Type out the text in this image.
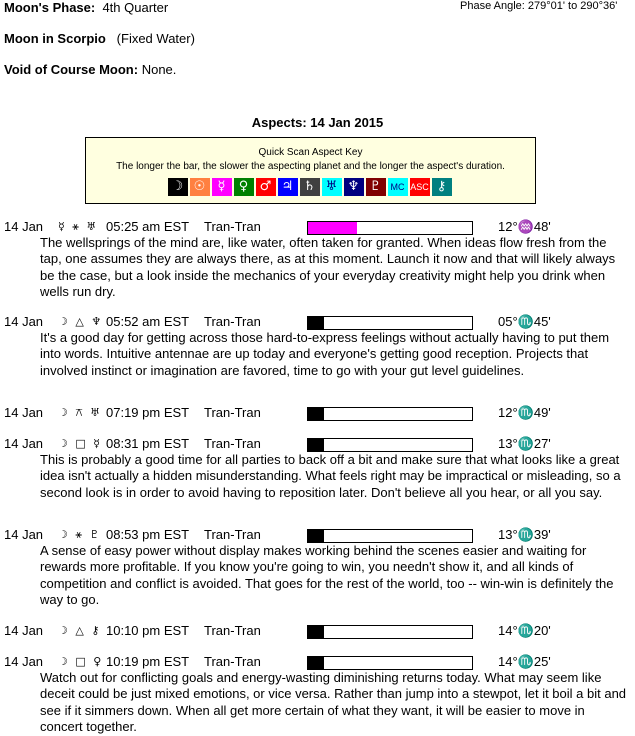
Moon's Phase: 4th Quarter	Phase Angle: 279°01' to 290°36'
Moon in Scorpio (Fixed Water)
Void of Course Moon: None.
Aspects: 14 Jan 2015
Quick Scan Aspect Key
The longer the bar, the slower the aspecting planet and the longer the aspect's duration.
☽ ☉ ☿	♀ ♂ ♃ ♄ ♅ ♆ ♇	MC ASC ⚷
14 Jan ☿ ⚹ ♅ 05:25 am EST Tran-Tran	12°♒48'
The wellsprings of the mind are, like water, often taken for granted. When ideas flow fresh from the tap, one assumes they are always there, as at this moment. Launch it now and that will likely always be the case, but a look inside the mechanics of your everyday creativity might help you drink when wells run dry.
14 Jan ☽ △ ♆ 05:52 am EST Tran-Tran	05°♏45'
It's a good day for getting across those hard-to-express feelings without actually having to put them into words. Intuitive antennae are up today and everyone's getting good reception. Projects that involved instinct or imagination are favored, time to go with your gut level guidelines.
14 Jan ☽ ⚻ ♅ 07:19 pm EST Tran-Tran	12°♏49'
14 Jan ☽ □ ☿ 08:31 pm EST Tran-Tran	13°♏27'
This is probably a good time for all parties to back off a bit and make sure that what looks like a great idea isn't actually a hidden misunderstanding. What feels right may be impractical or misleading, so a second look is in order to avoid having to reposition later. Don't believe all you hear, or all you say.
14 Jan ☽ ⚹ ♇ 08:53 pm EST Tran-Tran	13°♏39'
A sense of easy power without display makes working behind the scenes easier and waiting for rewards more profitable. If you know you're going to win, you needn't show it, and all kinds of competition and conflict is avoided. That goes for the rest of the world, too -- win-win is definitely the way to go.
14 Jan ☽ △ ⚷ 10:10 pm EST Tran-Tran	14°♏20'
14 Jan ☽ □ ♀ 10:19 pm EST Tran-Tran	14°♏25'
Watch out for conflicting goals and energy-wasting diminishing returns today. What may seem like deceit could be just mixed emotions, or vice versa. Rather than jump into a stewpot, let it boil a bit and see if it simmers down. When all get more certain of what they want, it will be easier to move in concert together.
